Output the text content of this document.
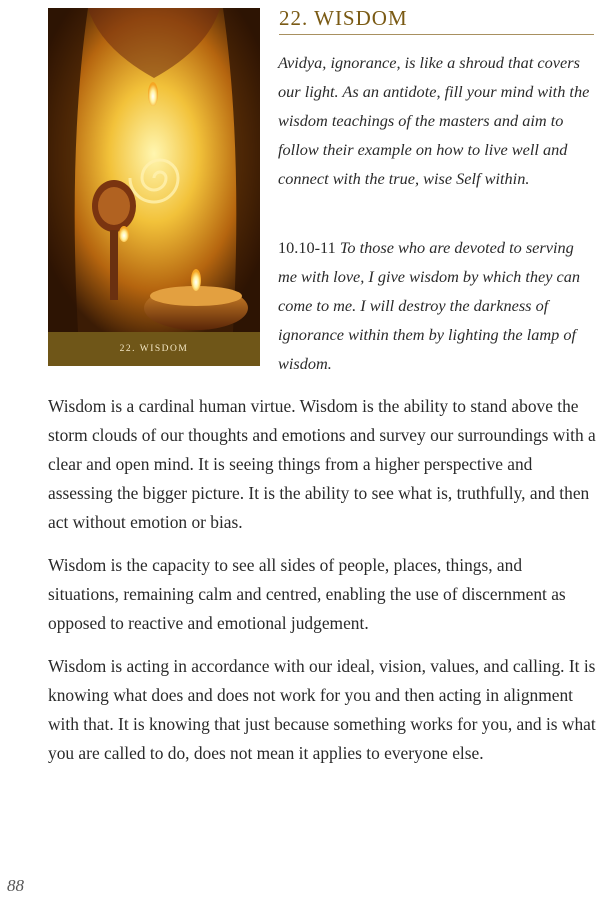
22. WISDOM
22. WISDOM

Avidya, ignorance, is like a shroud that covers our light. As an antidote, fill your mind with the wisdom teachings of the masters and aim to follow their example on how to live well and connect with the true, wise Self within.

10.10-11 To those who are devoted to serving me with love, I give wisdom by which they can come to me. I will destroy the darkness of ignorance within them by lighting the lamp of wisdom.

Wisdom is a cardinal human virtue. Wisdom is the ability to stand above the storm clouds of our thoughts and emotions and survey our surroundings with a clear and open mind. It is seeing things from a higher perspective and assessing the bigger picture. It is the ability to see what is, truthfully, and then act without emotion or bias.

Wisdom is the capacity to see all sides of people, places, things, and situations, remaining calm and centred, enabling the use of discernment as opposed to reactive and emotional judgement.

Wisdom is acting in accordance with our ideal, vision, values, and calling. It is knowing what does and does not work for you and then acting in alignment with that. It is knowing that just because something works for you, and is what you are called to do, does not mean it applies to everyone else.

88
